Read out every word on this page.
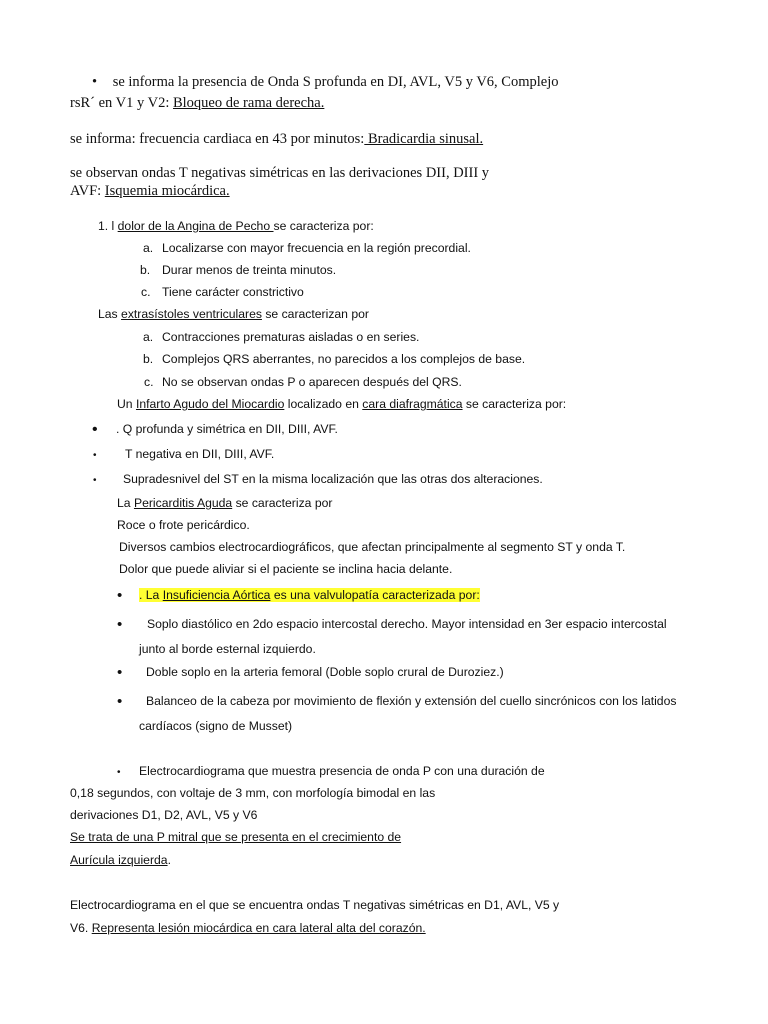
• se informa la presencia de Onda S profunda en DI, AVL, V5 y V6, Complejo
rsR´ en V1 y V2: Bloqueo de rama derecha.
se informa: frecuencia cardiaca en 43 por minutos: Bradicardia sinusal.
se observan ondas T negativas simétricas en las derivaciones DII, DIII y
AVF: Isquemia miocárdica.
1. l dolor de la Angina de Pecho se caracteriza por:
a. Localizarse con mayor frecuencia en la región precordial.
b. Durar menos de treinta minutos.
c. Tiene carácter constrictivo
Las extrasístoles ventriculares se caracterizan por
a. Contracciones prematuras aisladas o en series.
b. Complejos QRS aberrantes, no parecidos a los complejos de base.
c. No se observan ondas P o aparecen después del QRS.
Un Infarto Agudo del Miocardio localizado en cara diafragmática se caracteriza por:
• . Q profunda y simétrica en DII, DIII, AVF.
• T negativa en DII, DIII, AVF.
• Supradesnivel del ST en la misma localización que las otras dos alteraciones.
La Pericarditis Aguda se caracteriza por
Roce o frote pericárdico.
Diversos cambios electrocardiográficos, que afectan principalmente al segmento ST y onda T.
Dolor que puede aliviar si el paciente se inclina hacia delante.
• . La Insuficiencia Aórtica es una valvulopatía caracterizada por:
• Soplo diastólico en 2do espacio intercostal derecho. Mayor intensidad en 3er espacio intercostal
junto al borde esternal izquierdo.
• Doble soplo en la arteria femoral (Doble soplo crural de Duroziez.)
• Balanceo de la cabeza por movimiento de flexión y extensión del cuello sincrónicos con los latidos
cardíacos (signo de Musset)
• Electrocardiograma que muestra presencia de onda P con una duración de
0,18 segundos, con voltaje de 3 mm, con morfología bimodal en las
derivaciones D1, D2, AVL, V5 y V6
Se trata de una P mitral que se presenta en el crecimiento de
Aurícula izquierda.
Electrocardiograma en el que se encuentra ondas T negativas simétricas en D1, AVL, V5 y
V6. Representa lesión miocárdica en cara lateral alta del corazón.
